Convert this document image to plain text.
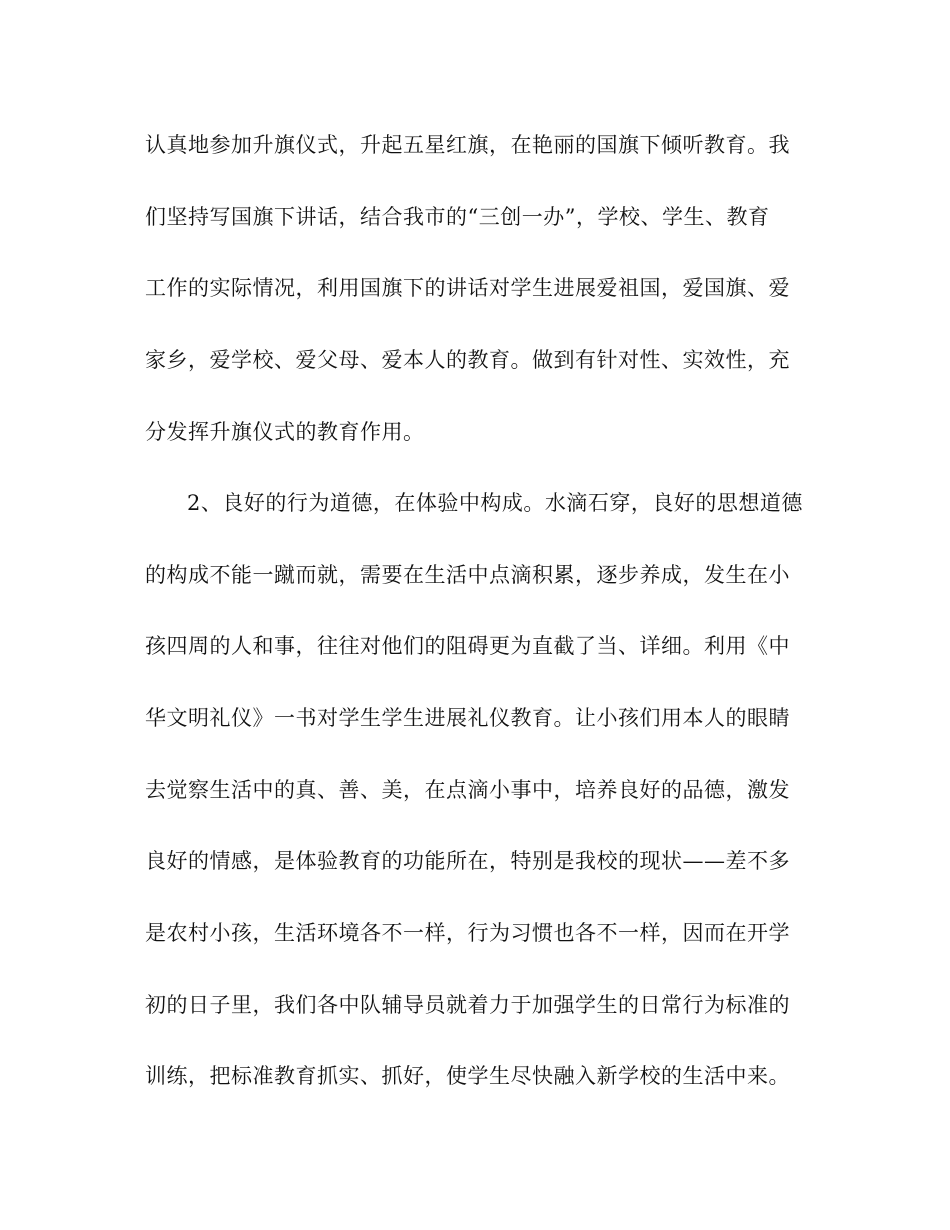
认真地参加升旗仪式，升起五星红旗，在艳丽的国旗下倾听教育。我
们坚持写国旗下讲话，结合我市的“三创一办”，学校、学生、教育
工作的实际情况，利用国旗下的讲话对学生进展爱祖国，爱国旗、爱
家乡，爱学校、爱父母、爱本人的教育。做到有针对性、实效性，充
分发挥升旗仪式的教育作用。
2、良好的行为道德，在体验中构成。水滴石穿，良好的思想道德
的构成不能一蹴而就，需要在生活中点滴积累，逐步养成，发生在小
孩四周的人和事，往往对他们的阻碍更为直截了当、详细。利用《中
华文明礼仪》一书对学生学生进展礼仪教育。让小孩们用本人的眼睛
去觉察生活中的真、善、美，在点滴小事中，培养良好的品德，激发
良好的情感，是体验教育的功能所在，特别是我校的现状——差不多
是农村小孩，生活环境各不一样，行为习惯也各不一样，因而在开学
初的日子里，我们各中队辅导员就着力于加强学生的日常行为标准的
训练，把标准教育抓实、抓好，使学生尽快融入新学校的生活中来。
